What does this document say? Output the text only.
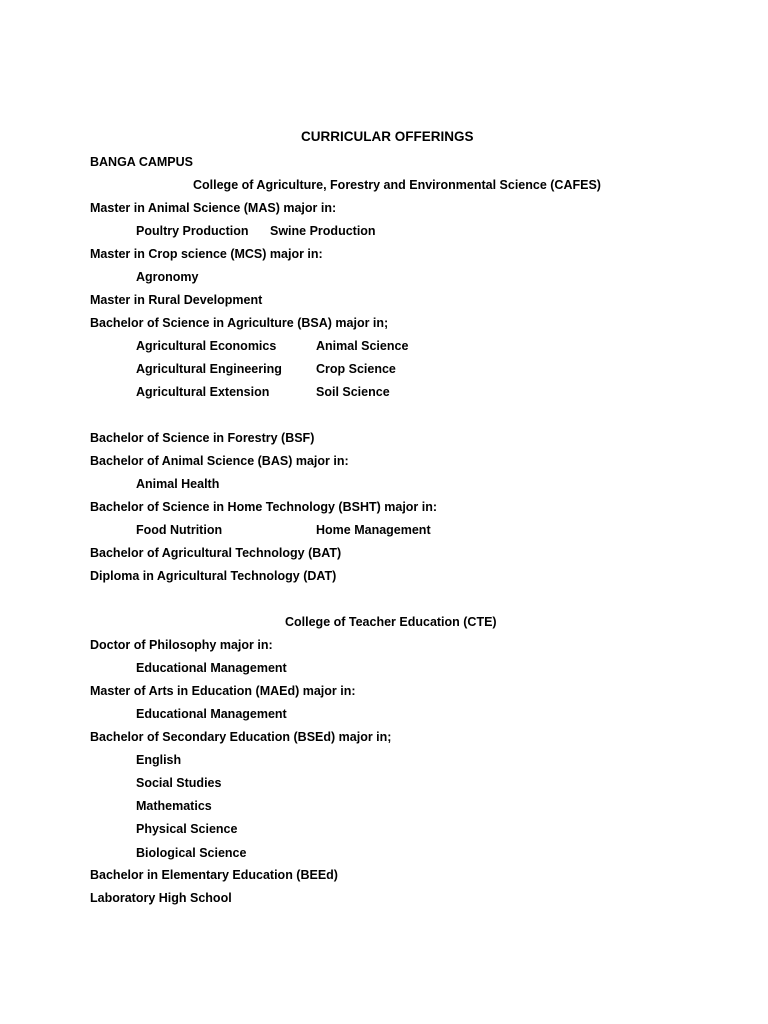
CURRICULAR OFFERINGS
BANGA CAMPUS
College of Agriculture, Forestry and Environmental Science (CAFES)
Master in Animal Science (MAS) major in:
Poultry Production Swine Production
Master in Crop science (MCS) major in:
Agronomy
Master in Rural Development
Bachelor of Science in Agriculture (BSA) major in;
Agricultural Economics	Animal Science
Agricultural Engineering	Crop Science
Agricultural Extension	Soil Science
Bachelor of Science in Forestry (BSF)
Bachelor of Animal Science (BAS) major in:
Animal Health
Bachelor of Science in Home Technology (BSHT) major in:
Food Nutrition	Home Management
Bachelor of Agricultural Technology (BAT)
Diploma in Agricultural Technology (DAT)
College of Teacher Education (CTE)
Doctor of Philosophy major in:
Educational Management
Master of Arts in Education (MAEd) major in:
Educational Management
Bachelor of Secondary Education (BSEd) major in;
English
Social Studies
Mathematics
Physical Science
Biological Science
Bachelor in Elementary Education (BEEd)
Laboratory High School
